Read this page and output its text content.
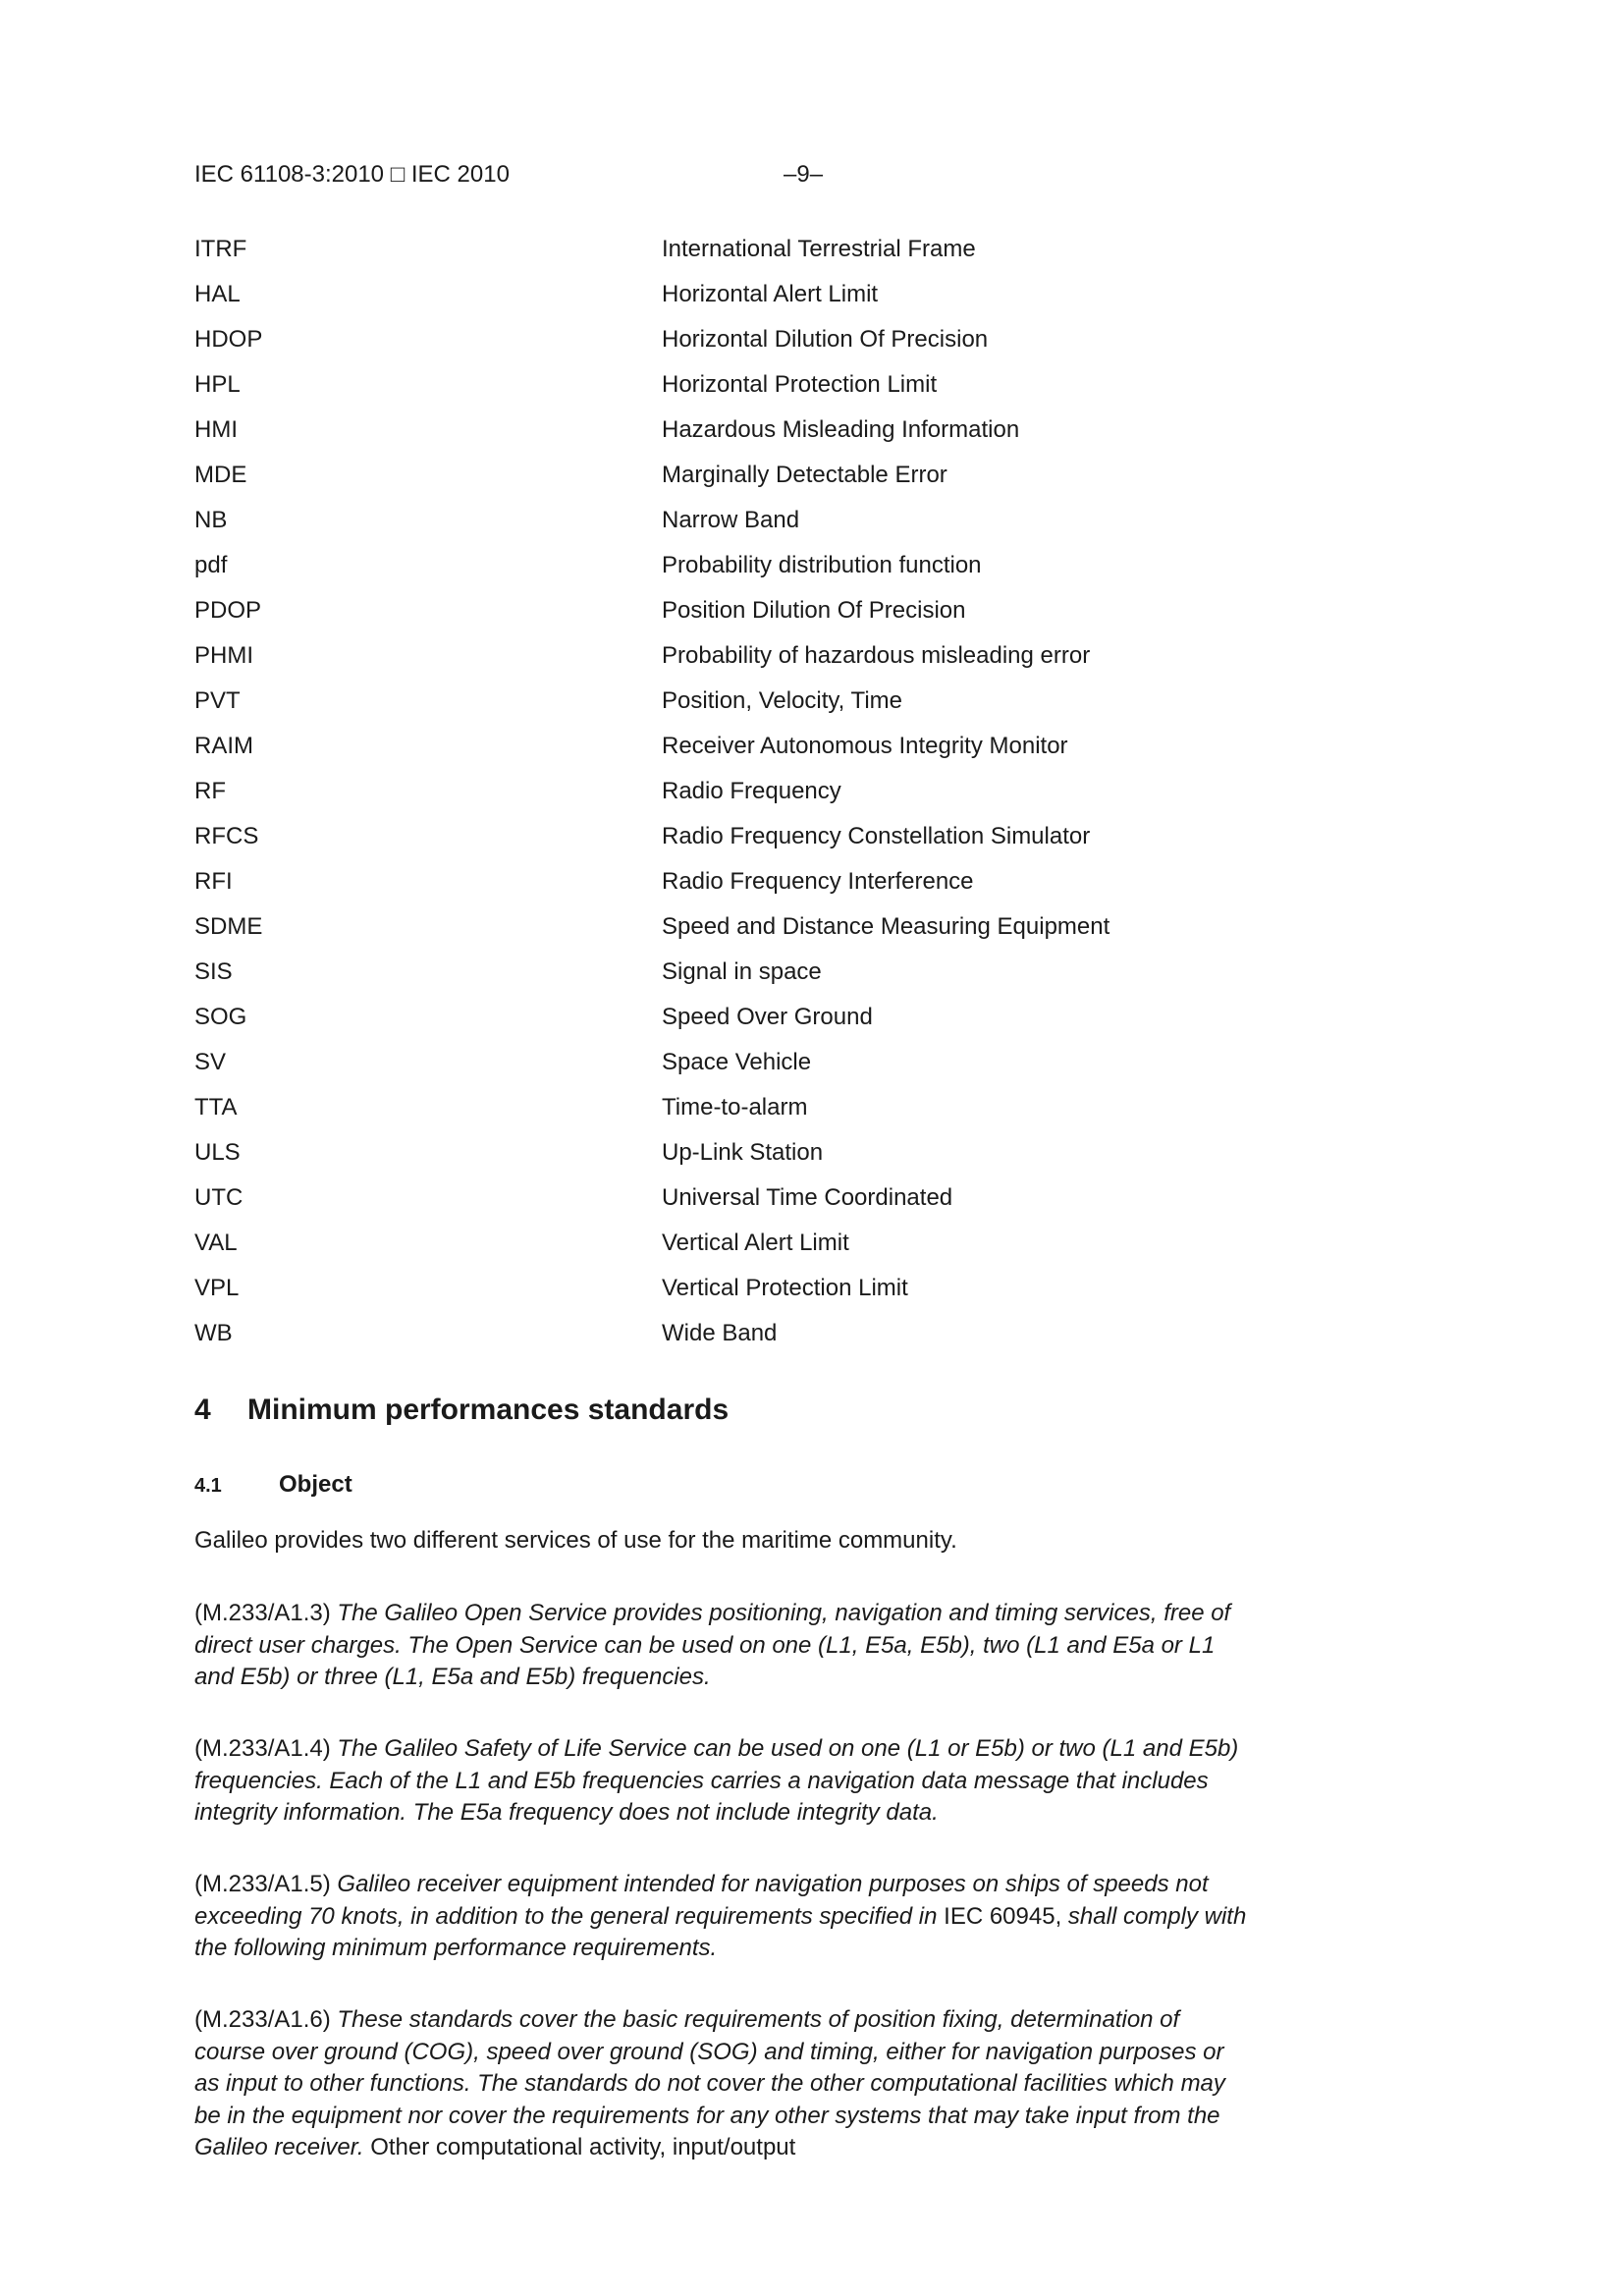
IEC 61108-3:2010 □ IEC 2010	–9–
ITRF	International Terrestrial Frame
HAL	Horizontal Alert Limit
HDOP	Horizontal Dilution Of Precision
HPL	Horizontal Protection Limit
HMI	Hazardous Misleading Information
MDE	Marginally Detectable Error
NB	Narrow Band
pdf	Probability distribution function
PDOP	Position Dilution Of Precision
PHMI	Probability of hazardous misleading error
PVT	Position, Velocity, Time
RAIM	Receiver Autonomous Integrity Monitor
RF	Radio Frequency
RFCS	Radio Frequency Constellation Simulator
RFI	Radio Frequency Interference
SDME	Speed and Distance Measuring Equipment
SIS	Signal in space
SOG	Speed Over Ground
SV	Space Vehicle
TTA	Time-to-alarm
ULS	Up-Link Station
UTC	Universal Time Coordinated
VAL	Vertical Alert Limit
VPL	Vertical Protection Limit
WB	Wide Band
4 Minimum performances standards
4.1 Object
Galileo provides two different services of use for the maritime community.
(M.233/A1.3) The Galileo Open Service provides positioning, navigation and timing services, free of direct user charges. The Open Service can be used on one (L1, E5a, E5b), two (L1 and E5a or L1 and E5b) or three (L1, E5a and E5b) frequencies.
(M.233/A1.4) The Galileo Safety of Life Service can be used on one (L1 or E5b) or two (L1 and E5b) frequencies. Each of the L1 and E5b frequencies carries a navigation data message that includes integrity information. The E5a frequency does not include integrity data.
(M.233/A1.5) Galileo receiver equipment intended for navigation purposes on ships of speeds not exceeding 70 knots, in addition to the general requirements specified in IEC 60945, shall comply with the following minimum performance requirements.
(M.233/A1.6) These standards cover the basic requirements of position fixing, determination of course over ground (COG), speed over ground (SOG) and timing, either for navigation purposes or as input to other functions. The standards do not cover the other computational facilities which may be in the equipment nor cover the requirements for any other systems that may take input from the Galileo receiver. Other computational activity, input/output
